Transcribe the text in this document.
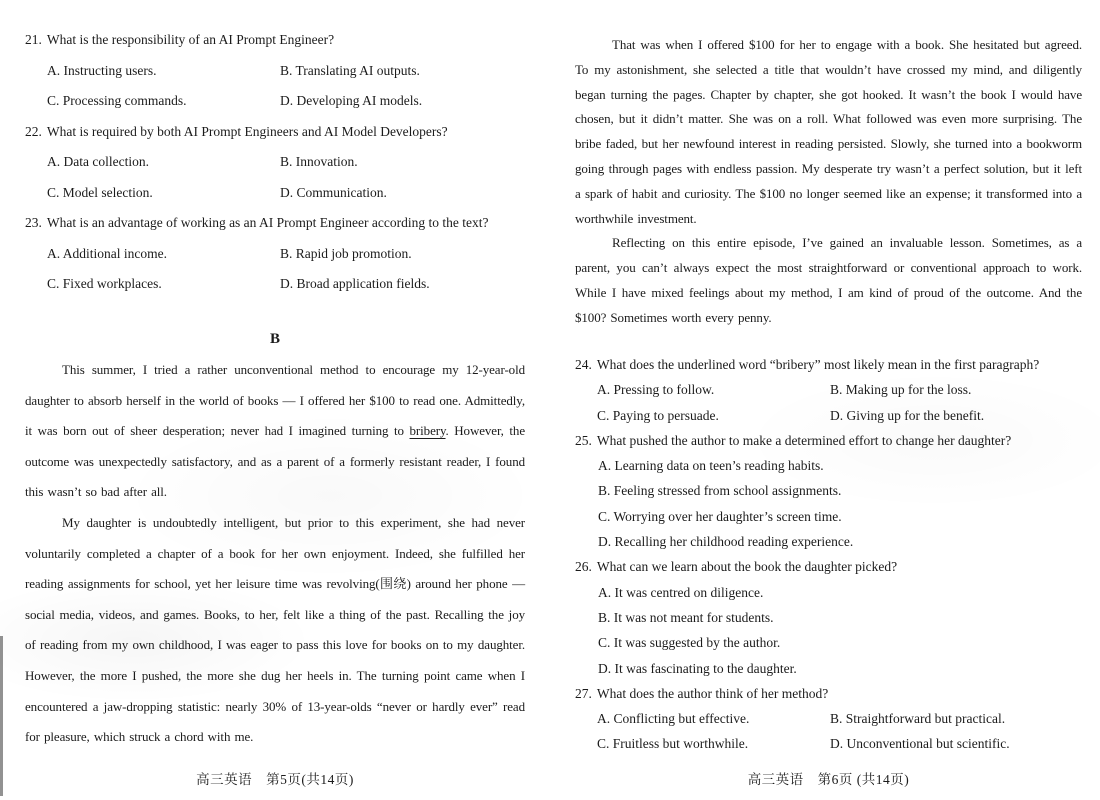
21. What is the responsibility of an AI Prompt Engineer?
A. Instructing users.	B. Translating AI outputs.
C. Processing commands.	D. Developing AI models.
22. What is required by both AI Prompt Engineers and AI Model Developers?
A. Data collection.	B. Innovation.
C. Model selection.	D. Communication.
23. What is an advantage of working as an AI Prompt Engineer according to the text?
A. Additional income.	B. Rapid job promotion.
C. Fixed workplaces.	D. Broad application fields.
B

This summer, I tried a rather unconventional method to encourage my 12-year-old daughter to absorb herself in the world of books — I offered her $100 to read one. Admittedly, it was born out of sheer desperation; never had I imagined turning to bribery. However, the outcome was unexpectedly satisfactory, and as a parent of a formerly resistant reader, I found this wasn’t so bad after all.

My daughter is undoubtedly intelligent, but prior to this experiment, she had never voluntarily completed a chapter of a book for her own enjoyment. Indeed, she fulfilled her reading assignments for school, yet her leisure time was revolving(围绕) around her phone — social media, videos, and games. Books, to her, felt like a thing of the past. Recalling the joy of reading from my own childhood, I was eager to pass this love for books on to my daughter. However, the more I pushed, the more she dug her heels in. The turning point came when I encountered a jaw-dropping statistic: nearly 30% of 13-year-olds “never or hardly ever” read for pleasure, which struck a chord with me.

高三英语　第5页(共14页)

That was when I offered $100 for her to engage with a book. She hesitated but agreed. To my astonishment, she selected a title that wouldn’t have crossed my mind, and diligently began turning the pages. Chapter by chapter, she got hooked. It wasn’t the book I would have chosen, but it didn’t matter. She was on a roll. What followed was even more surprising. The bribe faded, but her newfound interest in reading persisted. Slowly, she turned into a bookworm going through pages with endless passion. My desperate try wasn’t a perfect solution, but it left a spark of habit and curiosity. The $100 no longer seemed like an expense; it transformed into a worthwhile investment.

Reflecting on this entire episode, I’ve gained an invaluable lesson. Sometimes, as a parent, you can’t always expect the most straightforward or conventional approach to work. While I have mixed feelings about my method, I am kind of proud of the outcome. And the $100? Sometimes worth every penny.

24. What does the underlined word “bribery” most likely mean in the first paragraph?
A. Pressing to follow.	B. Making up for the loss.
C. Paying to persuade.	D. Giving up for the benefit.
25. What pushed the author to make a determined effort to change her daughter?
A. Learning data on teen’s reading habits.
B. Feeling stressed from school assignments.
C. Worrying over her daughter’s screen time.
D. Recalling her childhood reading experience.
26. What can we learn about the book the daughter picked?
A. It was centred on diligence.
B. It was not meant for students.
C. It was suggested by the author.
D. It was fascinating to the daughter.
27. What does the author think of her method?
A. Conflicting but effective.	B. Straightforward but practical.
C. Fruitless but worthwhile.	D. Unconventional but scientific.
高三英语　第6页 (共14页)
